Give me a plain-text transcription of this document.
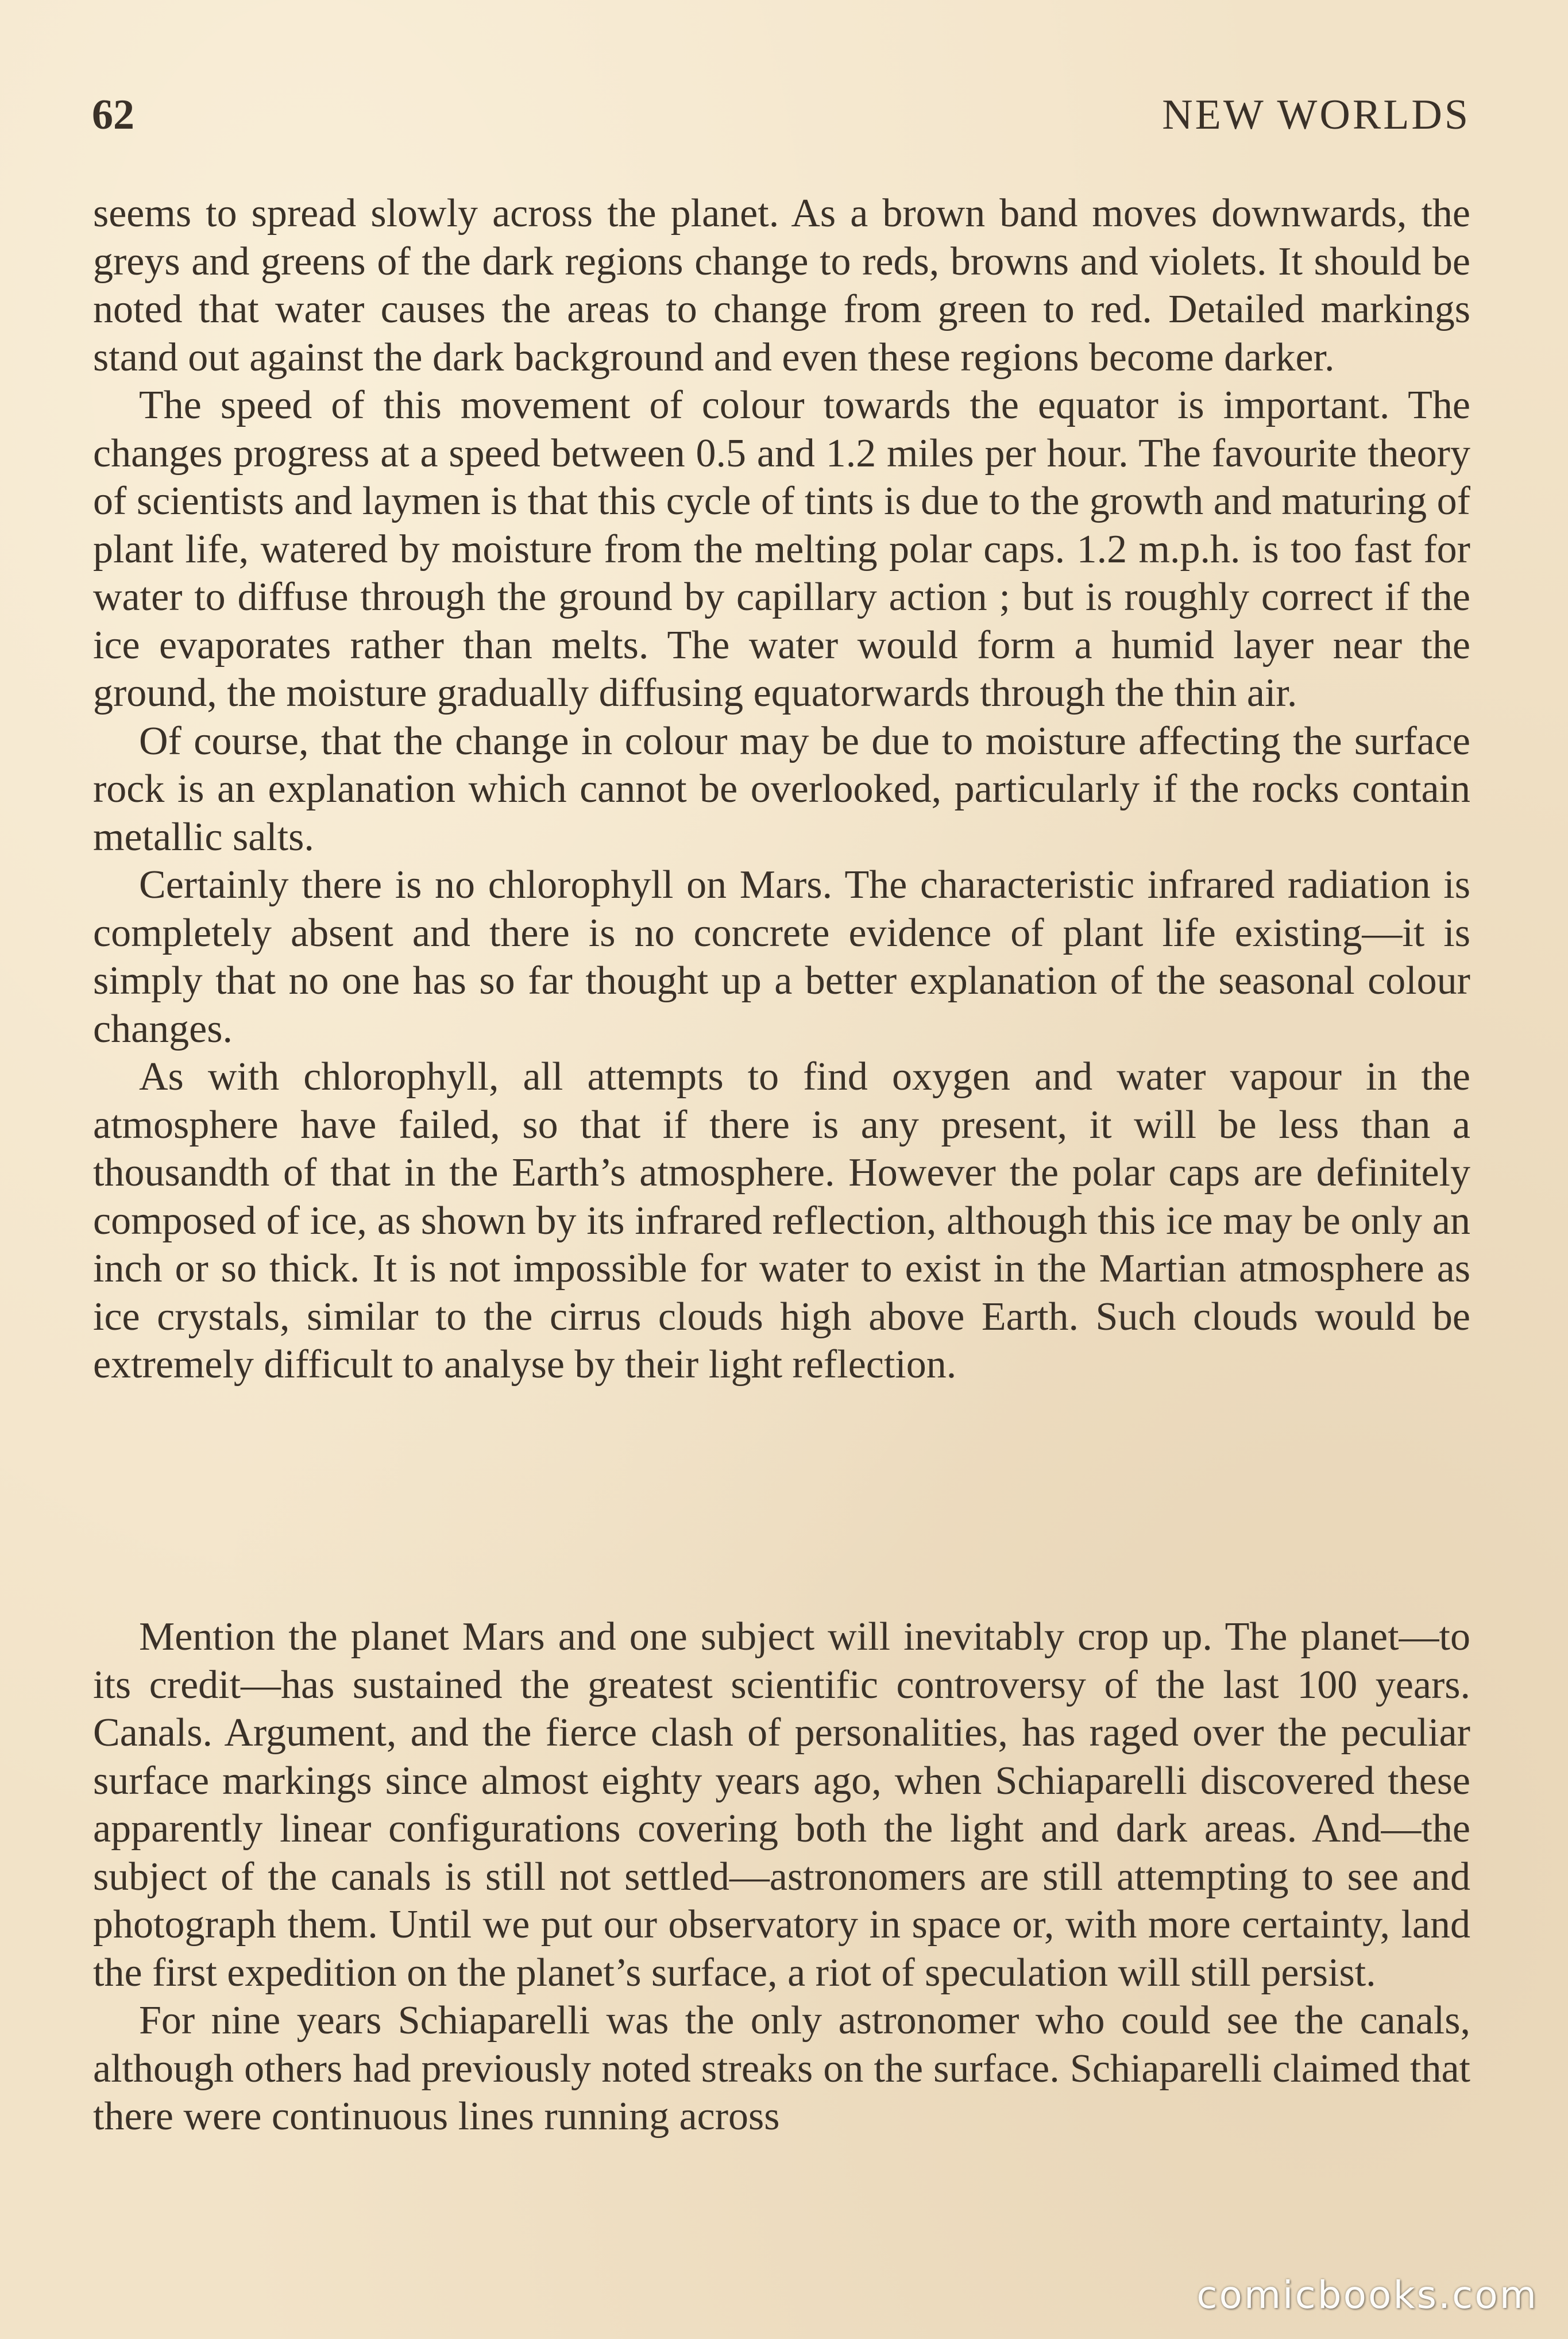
62	NEW WORLDS

seems to spread slowly across the planet. As a brown band moves downwards, the greys and greens of the dark regions change to reds, browns and violets. It should be noted that water causes the areas to change from green to red. Detailed markings stand out against the dark background and even these regions become darker.

The speed of this movement of colour towards the equator is important. The changes progress at a speed between 0.5 and 1.2 miles per hour. The favourite theory of scientists and laymen is that this cycle of tints is due to the growth and maturing of plant life, watered by moisture from the melting polar caps. 1.2 m.p.h. is too fast for water to diffuse through the ground by capillary action ; but is roughly correct if the ice evaporates rather than melts. The water would form a humid layer near the ground, the moisture gradually diffusing equatorwards through the thin air.

Of course, that the change in colour may be due to moisture affecting the surface rock is an explanation which cannot be overlooked, particularly if the rocks contain metallic salts.

Certainly there is no chlorophyll on Mars. The characteristic infrared radiation is completely absent and there is no concrete evidence of plant life existing—it is simply that no one has so far thought up a better explanation of the seasonal colour changes.

As with chlorophyll, all attempts to find oxygen and water vapour in the atmosphere have failed, so that if there is any present, it will be less than a thousandth of that in the Earth’s atmosphere. However the polar caps are definitely composed of ice, as shown by its infrared reflection, although this ice may be only an inch or so thick. It is not impossible for water to exist in the Martian atmosphere as ice crystals, similar to the cirrus clouds high above Earth. Such clouds would be extremely difficult to analyse by their light reflection.

Mention the planet Mars and one subject will inevitably crop up. The planet—to its credit—has sustained the greatest scientific controversy of the last 100 years. Canals. Argument, and the fierce clash of personalities, has raged over the peculiar surface markings since almost eighty years ago, when Schiaparelli discovered these apparently linear configurations covering both the light and dark areas. And—the subject of the canals is still not settled—astronomers are still attempting to see and photograph them. Until we put our observatory in space or, with more certainty, land the first expedition on the planet’s surface, a riot of speculation will still persist.

For nine years Schiaparelli was the only astronomer who could see the canals, although others had previously noted streaks on the surface. Schiaparelli claimed that there were continuous lines running across

comicbooks.com
